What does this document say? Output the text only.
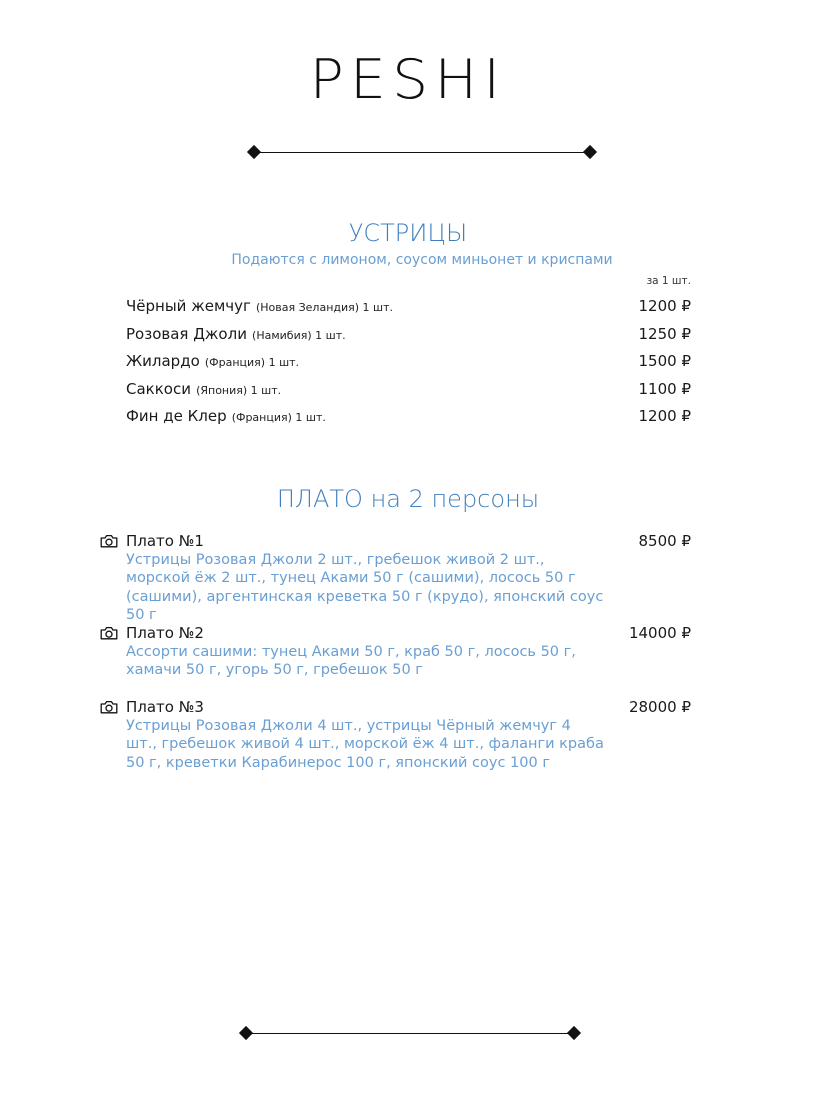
PESHI
УСТРИЦЫ
Подаются с лимоном, соусом миньонет и криспами
за 1 шт.
Чёрный жемчуг (Новая Зеландия) 1 шт.	1200 ₽
Розовая Джоли (Намибия) 1 шт.	1250 ₽
Жилардо (Франция) 1 шт.	1500 ₽
Саккоси (Япония) 1 шт.	1100 ₽
Фин де Клер (Франция) 1 шт.	1200 ₽
ПЛАТО на 2 персоны
Плато №1	8500 ₽
Устрицы Розовая Джоли 2 шт., гребешок живой 2 шт., морской ёж 2 шт., тунец Аками 50 г (сашими), лосось 50 г (сашими), аргентинская креветка 50 г (крудо), японский соус 50 г
Плато №2	14000 ₽
Ассорти сашими: тунец Аками 50 г, краб 50 г, лосось 50 г, хамачи 50 г, угорь 50 г, гребешок 50 г
Плато №3	28000 ₽
Устрицы Розовая Джоли 4 шт., устрицы Чёрный жемчуг 4 шт., гребешок живой 4 шт., морской ёж 4 шт., фаланги краба 50 г, креветки Карабинерос 100 г, японский соус 100 г
